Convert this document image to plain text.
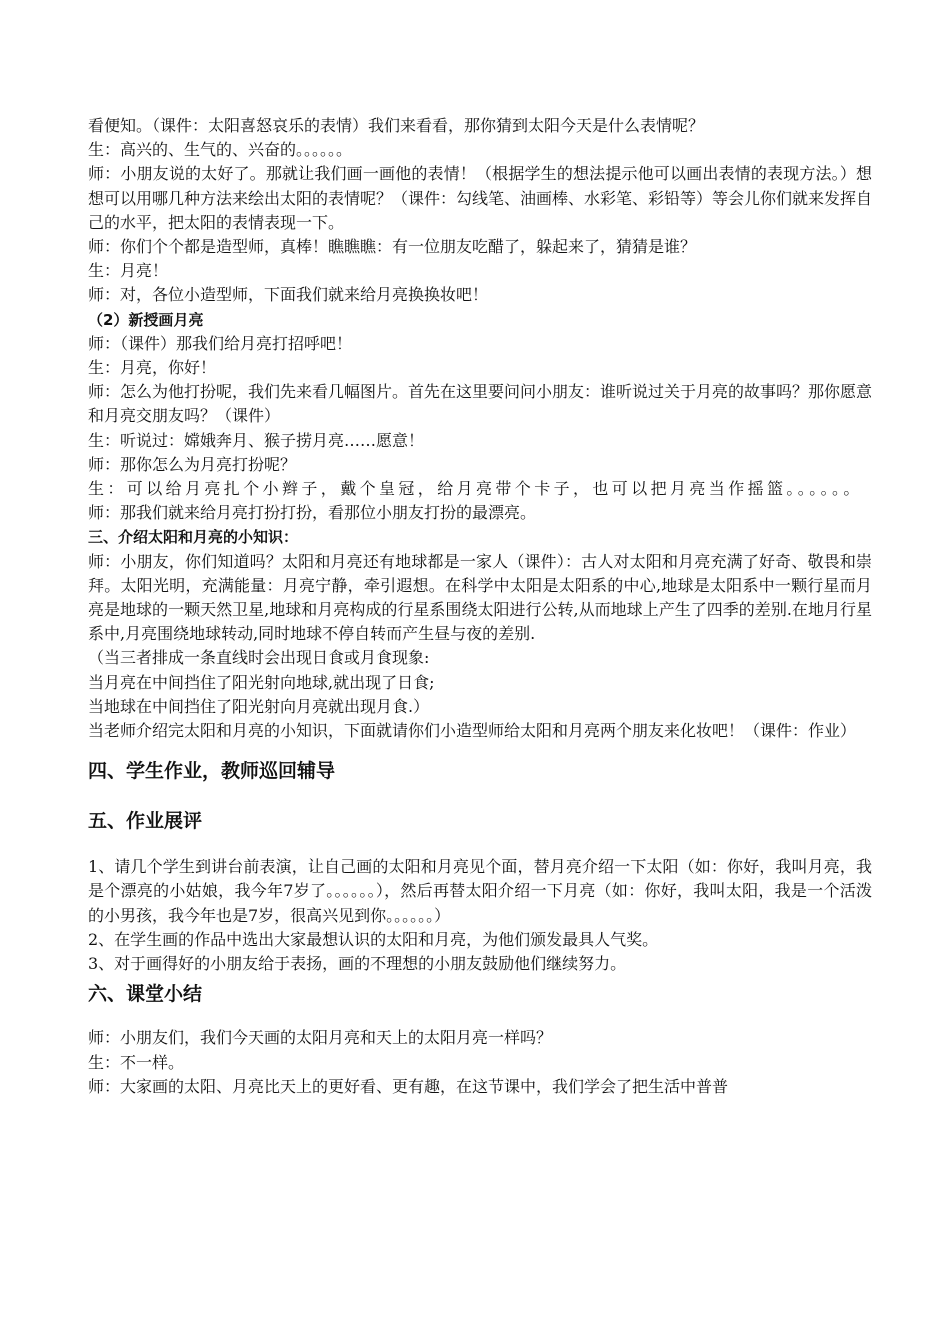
看便知。（课件：太阳喜怒哀乐的表情）我们来看看，那你猜到太阳今天是什么表情呢？

生：高兴的、生气的、兴奋的。。。。。。

师：小朋友说的太好了。那就让我们画一画他的表情！（根据学生的想法提示他可以画出表情的表现方法。）想想可以用哪几种方法来绘出太阳的表情呢？（课件：勾线笔、油画棒、水彩笔、彩铅等）等会儿你们就来发挥自己的水平，把太阳的表情表现一下。

师：你们个个都是造型师，真棒！瞧瞧瞧：有一位朋友吃醋了，躲起来了，猜猜是谁？

生：月亮！

师：对，各位小造型师，下面我们就来给月亮换换妆吧！

（2）新授画月亮

师：（课件）那我们给月亮打招呼吧！

生：月亮，你好！

师：怎么为他打扮呢，我们先来看几幅图片。首先在这里要问问小朋友：谁听说过关于月亮的故事吗？那你愿意和月亮交朋友吗？（课件）

生：听说过：嫦娥奔月、猴子捞月亮……愿意！

师：那你怎么为月亮打扮呢？

生：可以给月亮扎个小辫子，戴个皇冠，给月亮带个卡子，也可以把月亮当作摇篮。。。。。。

师：那我们就来给月亮打扮打扮，看那位小朋友打扮的最漂亮。

三、介绍太阳和月亮的小知识：

师：小朋友，你们知道吗？太阳和月亮还有地球都是一家人（课件）：古人对太阳和月亮充满了好奇、敬畏和崇拜。太阳光明，充满能量：月亮宁静，牵引遐想。在科学中太阳是太阳系的中心,地球是太阳系中一颗行星而月亮是地球的一颗天然卫星,地球和月亮构成的行星系围绕太阳进行公转,从而地球上产生了四季的差别.在地月行星系中,月亮围绕地球转动,同时地球不停自转而产生昼与夜的差别.

（当三者排成一条直线时会出现日食或月食现象:

当月亮在中间挡住了阳光射向地球,就出现了日食;

当地球在中间挡住了阳光射向月亮就出现月食.）

当老师介绍完太阳和月亮的小知识，下面就请你们小造型师给太阳和月亮两个朋友来化妆吧！（课件：作业）

四、学生作业，教师巡回辅导

五、作业展评

1、请几个学生到讲台前表演，让自己画的太阳和月亮见个面，替月亮介绍一下太阳（如：你好，我叫月亮，我是个漂亮的小姑娘，我今年7岁了。。。。。。），然后再替太阳介绍一下月亮（如：你好，我叫太阳，我是一个活泼的小男孩，我今年也是7岁，很高兴见到你。。。。。。）

2、在学生画的作品中选出大家最想认识的太阳和月亮，为他们颁发最具人气奖。

3、对于画得好的小朋友给于表扬，画的不理想的小朋友鼓励他们继续努力。

六、课堂小结

师：小朋友们，我们今天画的太阳月亮和天上的太阳月亮一样吗？

生：不一样。

师：大家画的太阳、月亮比天上的更好看、更有趣，在这节课中，我们学会了把生活中普普
